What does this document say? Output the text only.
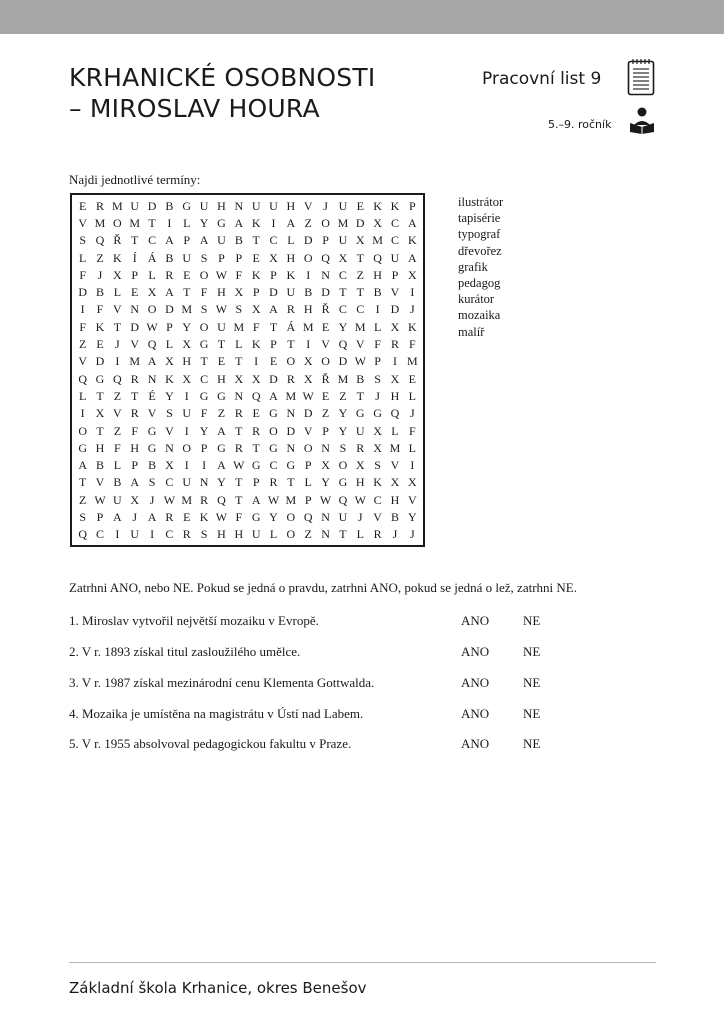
KRHANICKÉ OSOBNOSTI
– MIROSLAV HOURA
Pracovní list 9
5.–9. ročník
Najdi jednotlivé termíny:
E R M U D B G U H N U U H V J U E K K P
V M O M T I L Y G A K I A Z O M D X C A
S Q Ř T C A P A U B T C L D P U X M C K
L Z K Í Á B U S P P E X H O Q X T Q U A
F J X P L R E O W F K P K I N C Z H P X
D B L E X A T F H X P D U B D T T B V I
I	F V N O D M S W S X A R H Ř C C I D J
F K T D W P Y O U M F T Á M E Y M L X K
Z E J V Q L X G T L K P T I V Q V F R F
V D I M A X H T E T I E O X O D W P	I M
Q G Q R N K X C H X X D R X Ř M B S X E
L T Z T É Y I G G N Q A M W E Z T J H L
I X V R V S U F Z R E G N D Z Y G G Q J
O T Z F G V I Y A T R O D V P Y U X L F
G H F H G N O P G R T G N O N S R X M L
A B L P B X I	I A W G C G P X O X S V I
T V B A S C U N Y T P R T L Y G H K X X
Z W U X J W M R Q T A W M P W Q W C H V
S P A J A R E K W F G Y O Q N U J V B Y
Q C I U I C R S H H U L O Z N T L R J	J
ilustrátor
tapisérie
typograf
dřevořez
grafik
pedagog
kurátor
mozaika
malíř
Zatrhni ANO, nebo NE. Pokud se jedná o pravdu, zatrhni ANO, pokud se jedná o lež, zatrhni NE.
1. Miroslav vytvořil největší mozaiku v Evropě.	ANO	NE
2. V r. 1893 získal titul zasloužilého umělce.	ANO	NE
3. V r. 1987 získal mezinárodní cenu Klementa Gottwalda.	ANO	NE
4. Mozaika je umístěna na magistrátu v Ústí nad Labem.	ANO	NE
5. V r. 1955 absolvoval pedagogickou fakultu v Praze.	ANO	NE
Základní škola Krhanice, okres Benešov
